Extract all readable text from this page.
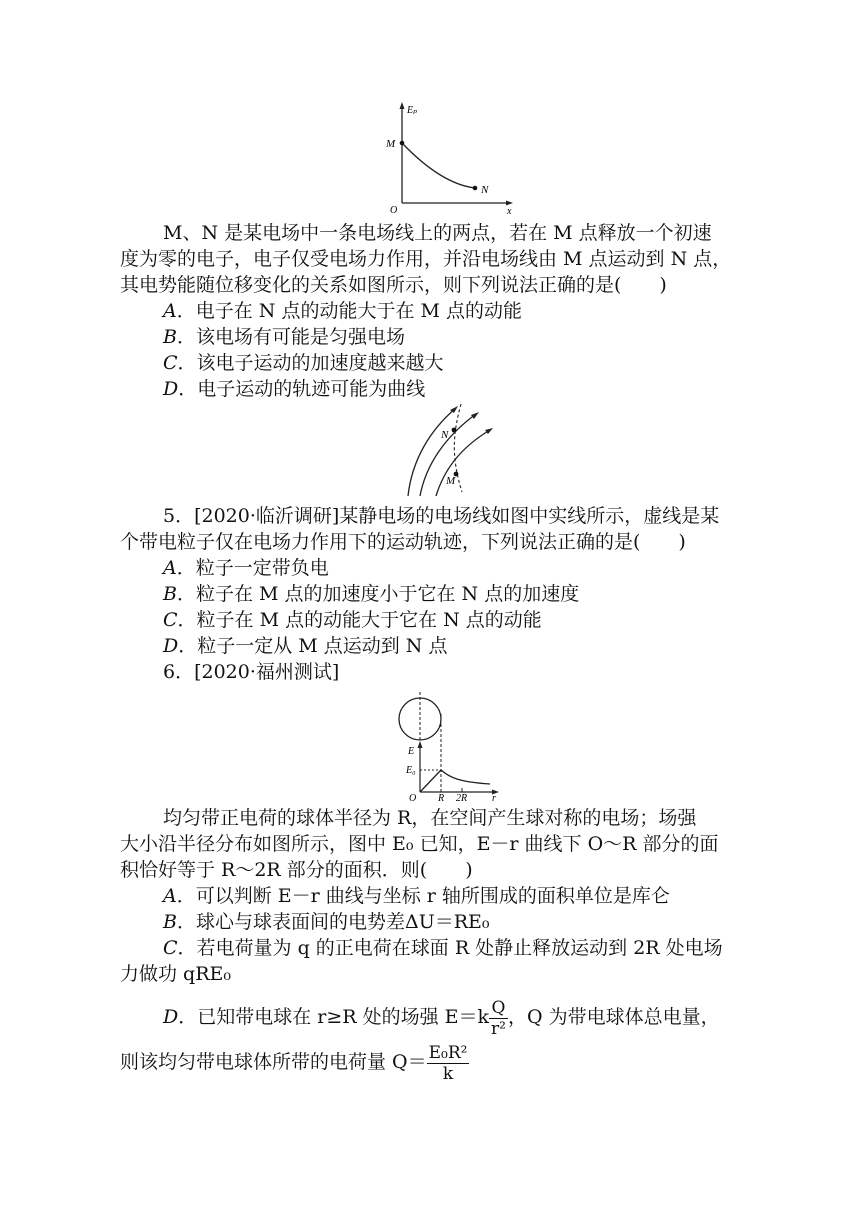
Eₚ
M
N
O	x
M、N 是某电场中一条电场线上的两点，若在 M 点释放一个初速
度为零的电子，电子仅受电场力作用，并沿电场线由 M 点运动到 N 点，
其电势能随位移变化的关系如图所示，则下列说法正确的是(　　)
A．电子在 N 点的动能大于在 M 点的动能
B．该电场有可能是匀强电场
C．该电子运动的加速度越来越大
D．电子运动的轨迹可能为曲线
N
M
5．[2020·临沂调研]某静电场的电场线如图中实线所示，虚线是某
个带电粒子仅在电场力作用下的运动轨迹，下列说法正确的是(　　)
A．粒子一定带负电
B．粒子在 M 点的加速度小于它在 N 点的加速度
C．粒子在 M 点的动能大于它在 N 点的动能
D．粒子一定从 M 点运动到 N 点
6．[2020·福州测试]
E
E₀
O R 2R r
均匀带正电荷的球体半径为 R，在空间产生球对称的电场；场强
大小沿半径分布如图所示，图中 E₀ 已知，E－r 曲线下 O～R 部分的面
积恰好等于 R～2R 部分的面积．则(　　)
A．可以判断 E－r 曲线与坐标 r 轴所围成的面积单位是库仑
B．球心与球表面间的电势差ΔU＝RE₀
C．若电荷量为 q 的正电荷在球面 R 处静止释放运动到 2R 处电场
力做功 qRE₀
D．已知带电球在 r≥R 处的场强 $E=k \frac{Q}{\text{r²}}$ ，Q 为带电球体总电量，
则该均匀带电球体所带的电荷量 $Q= \frac{\text{E₀R²}}{k}$
